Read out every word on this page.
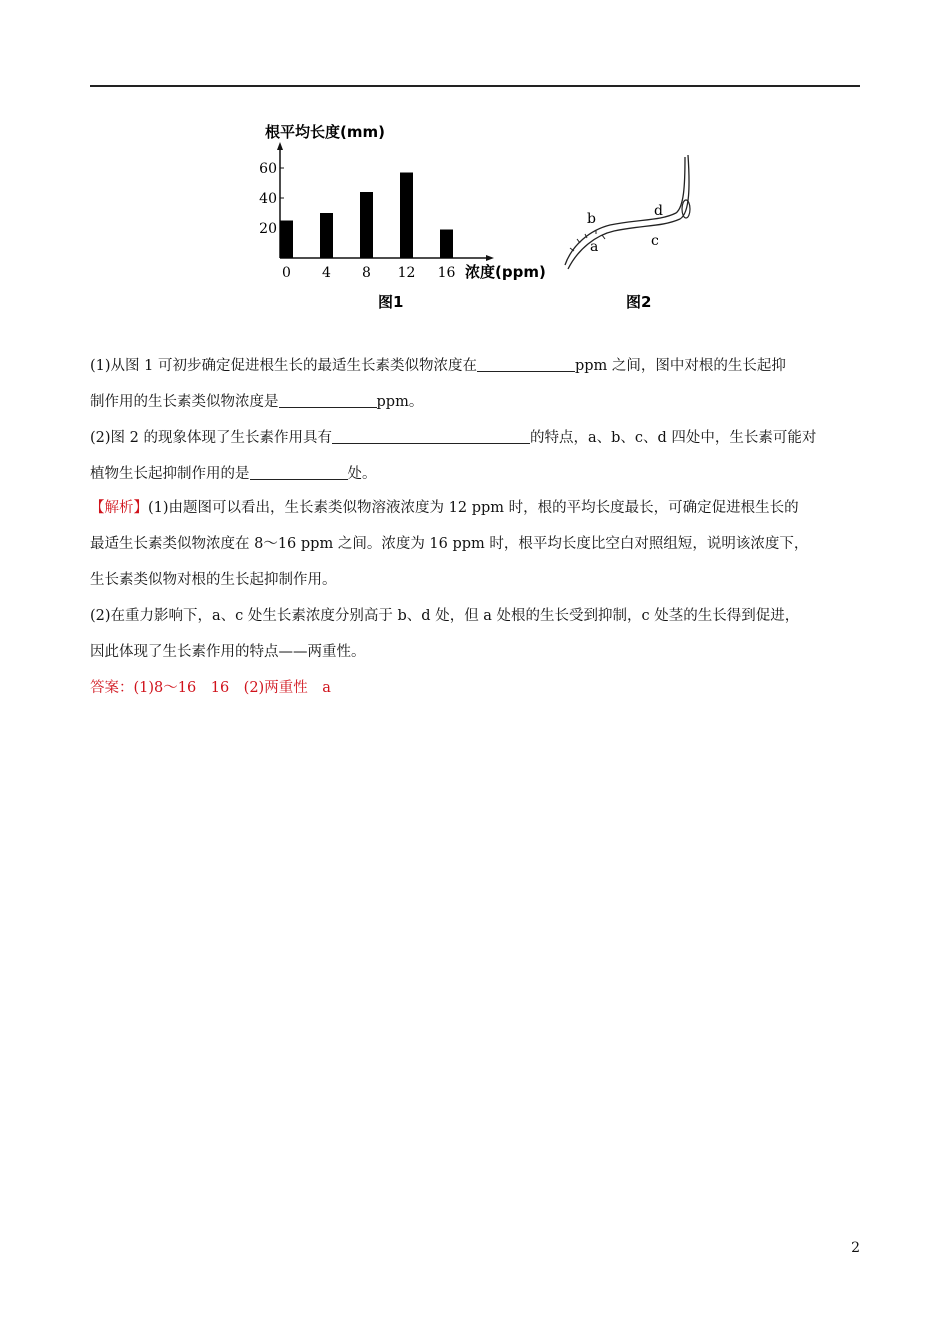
根平均长度(mm)
60
40
20
0 4 8 12 16 浓度(ppm)
图1
b
a	c
d
图2
(1)从图 1 可初步确定促进根生长的最适生长素类似物浓度在	ppm 之间，图中对根的生长起抑
制作用的生长素类似物浓度是	ppm。
(2)图 2 的现象体现了生长素作用具有	的特点，a、b、c、d 四处中，生长素可能对
植物生长起抑制作用的是	处。
【解析】(1)由题图可以看出，生长素类似物溶液浓度为 12 ppm 时，根的平均长度最长，可确定促进根生长的
最适生长素类似物浓度在 8～16 ppm 之间。浓度为 16 ppm 时，根平均长度比空白对照组短，说明该浓度下，
生长素类似物对根的生长起抑制作用。
(2)在重力影响下，a、c 处生长素浓度分别高于 b、d 处，但 a 处根的生长受到抑制，c 处茎的生长得到促进，
因此体现了生长素作用的特点——两重性。
答案：(1)8～16　16　(2)两重性　a
2
